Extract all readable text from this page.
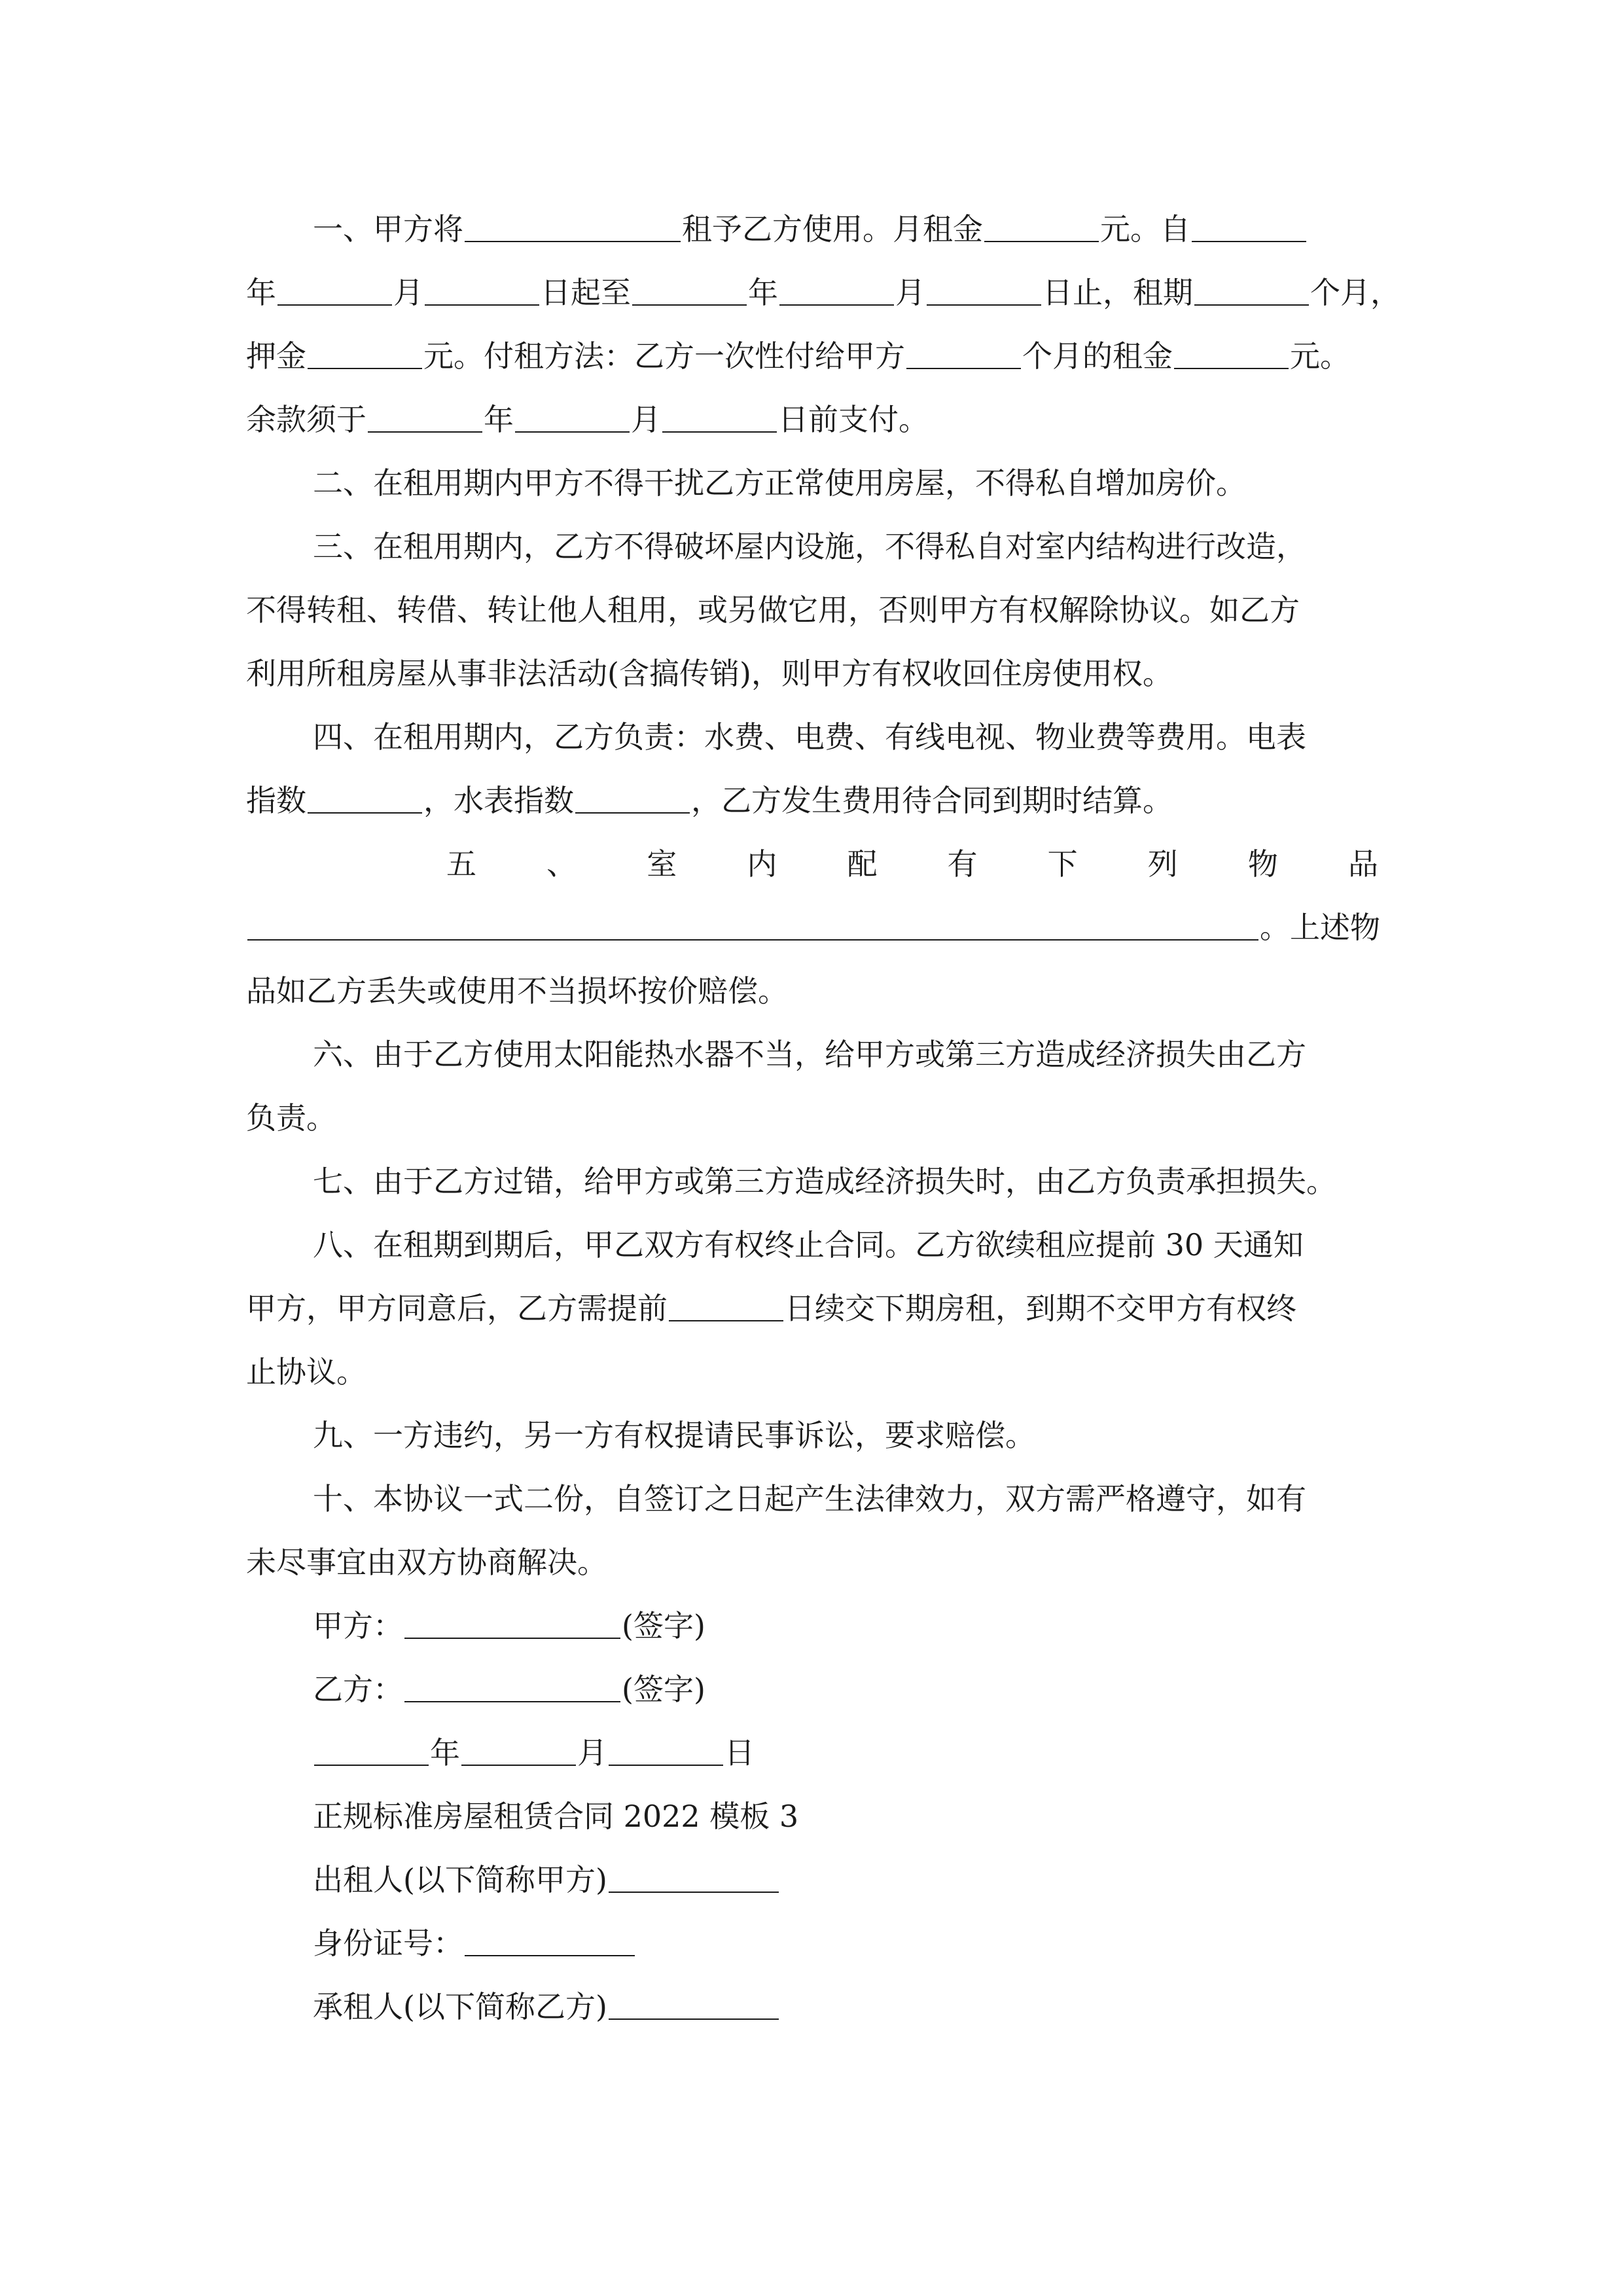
一、甲方将	租予乙方使用。月租金	元。自
年	月	日起至	年	月	日止，租期	个月，
押金	元。付租方法：乙方一次性付给甲方	个月的租金	元。
余款须于	年	月	日前支付。
二、在租用期内甲方不得干扰乙方正常使用房屋，不得私自增加房价。
三、在租用期内，乙方不得破坏屋内设施，不得私自对室内结构进行改造，
不得转租、转借、转让他人租用，或另做它用，否则甲方有权解除协议。如乙方
利用所租房屋从事非法活动(含搞传销)，则甲方有权收回住房使用权。
四、在租用期内，乙方负责：水费、电费、有线电视、物业费等费用。电表
指数	，水表指数	，乙方发生费用待合同到期时结算。
五 、 室 内 配 有 下 列 物 品
。上述物
品如乙方丢失或使用不当损坏按价赔偿。
六、由于乙方使用太阳能热水器不当，给甲方或第三方造成经济损失由乙方
负责。
七、由于乙方过错，给甲方或第三方造成经济损失时，由乙方负责承担损失。
八、在租期到期后，甲乙双方有权终止合同。乙方欲续租应提前 30 天通知
甲方，甲方同意后，乙方需提前	日续交下期房租，到期不交甲方有权终
止协议。
九、一方违约，另一方有权提请民事诉讼，要求赔偿。
十、本协议一式二份，自签订之日起产生法律效力，双方需严格遵守，如有
未尽事宜由双方协商解决。
甲方：	(签字)
乙方：	(签字)
年	月	日
正规标准房屋租赁合同 2022 模板 3
出租人(以下简称甲方)
身份证号：
承租人(以下简称乙方)
